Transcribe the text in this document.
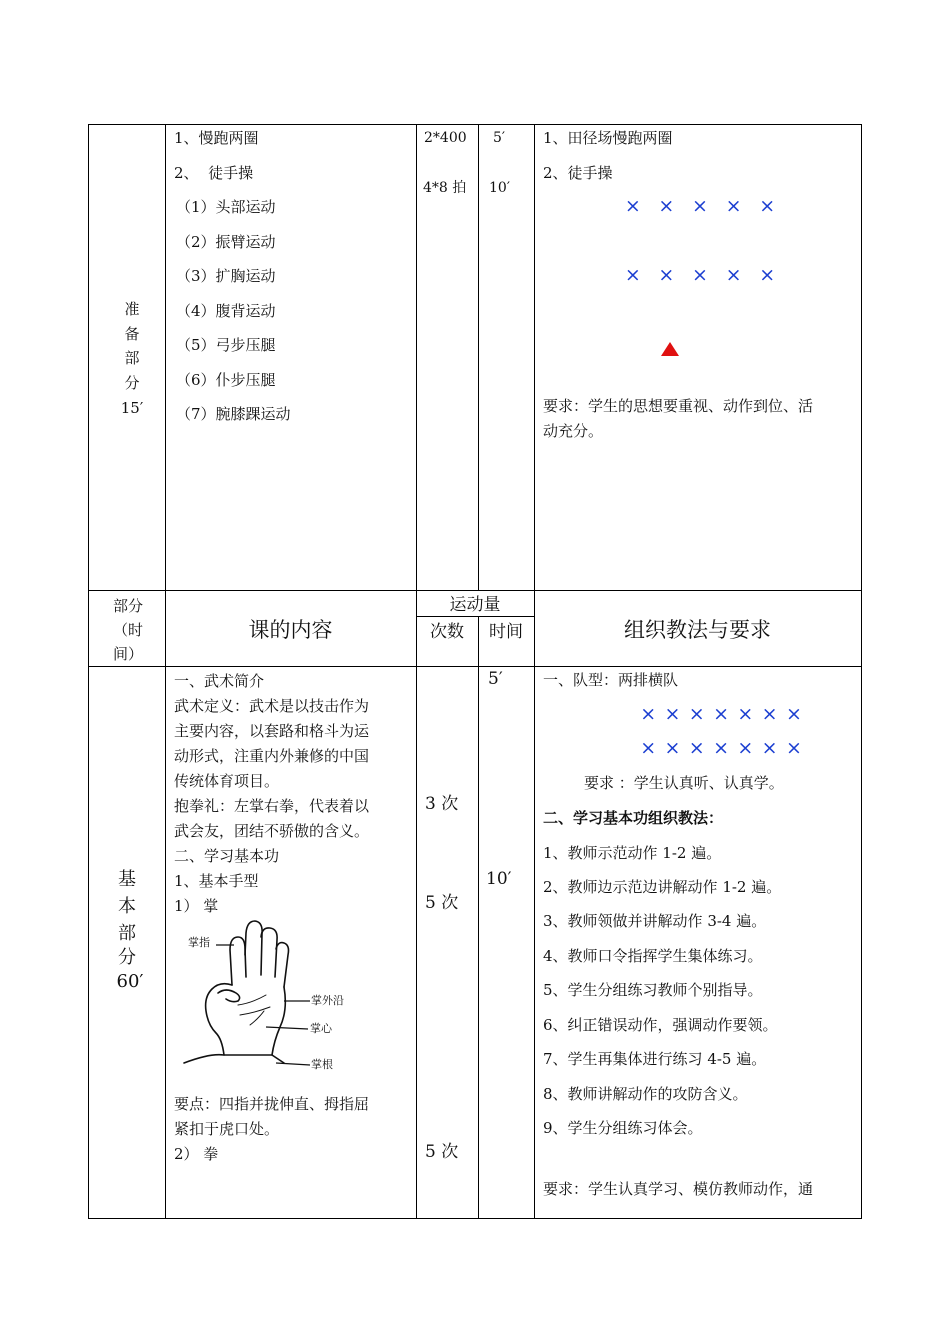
准
备
部
分
15′
1、慢跑两圈
2、  徒手操
（1）头部运动
（2）振臂运动
（3）扩胸运动
（4）腹背运动
（5）弓步压腿
（6）仆步压腿
（7）腕膝踝运动
2*400
4*8 拍
5′
10′
1、田径场慢跑两圈
2、徒手操
× × × × ×
× × × × ×
要求：学生的思想要重视、动作到位、活
动充分。
部分
（时
间）
课的内容
运动量
次数	时间	组织教法与要求
基
本
部
分
60′
一、武术简介
武术定义：武术是以技击作为
主要内容，以套路和格斗为运
动形式，注重内外兼修的中国
传统体育项目。
抱拳礼：左掌右拳，代表着以
武会友，团结不骄傲的含义。
二、学习基本功
1、基本手型
1） 掌
掌指
掌外沿
掌心
掌根
要点：四指并拢伸直、拇指屈
紧扣于虎口处。
2） 拳
3 次
5 次
5 次
5′
10′
一、队型：两排横队
× × × × × × ×
× × × × × × ×
要求 ：学生认真听、认真学。
二、学习基本功组织教法：
1、教师示范动作 1-2 遍。
2、教师边示范边讲解动作 1-2 遍。
3、教师领做并讲解动作 3-4 遍。
4、教师口令指挥学生集体练习。
5、学生分组练习教师个别指导。
6、纠正错误动作，强调动作要领。
7、学生再集体进行练习 4-5 遍。
8、教师讲解动作的攻防含义。
9、学生分组练习体会。
要求：学生认真学习、模仿教师动作，通
